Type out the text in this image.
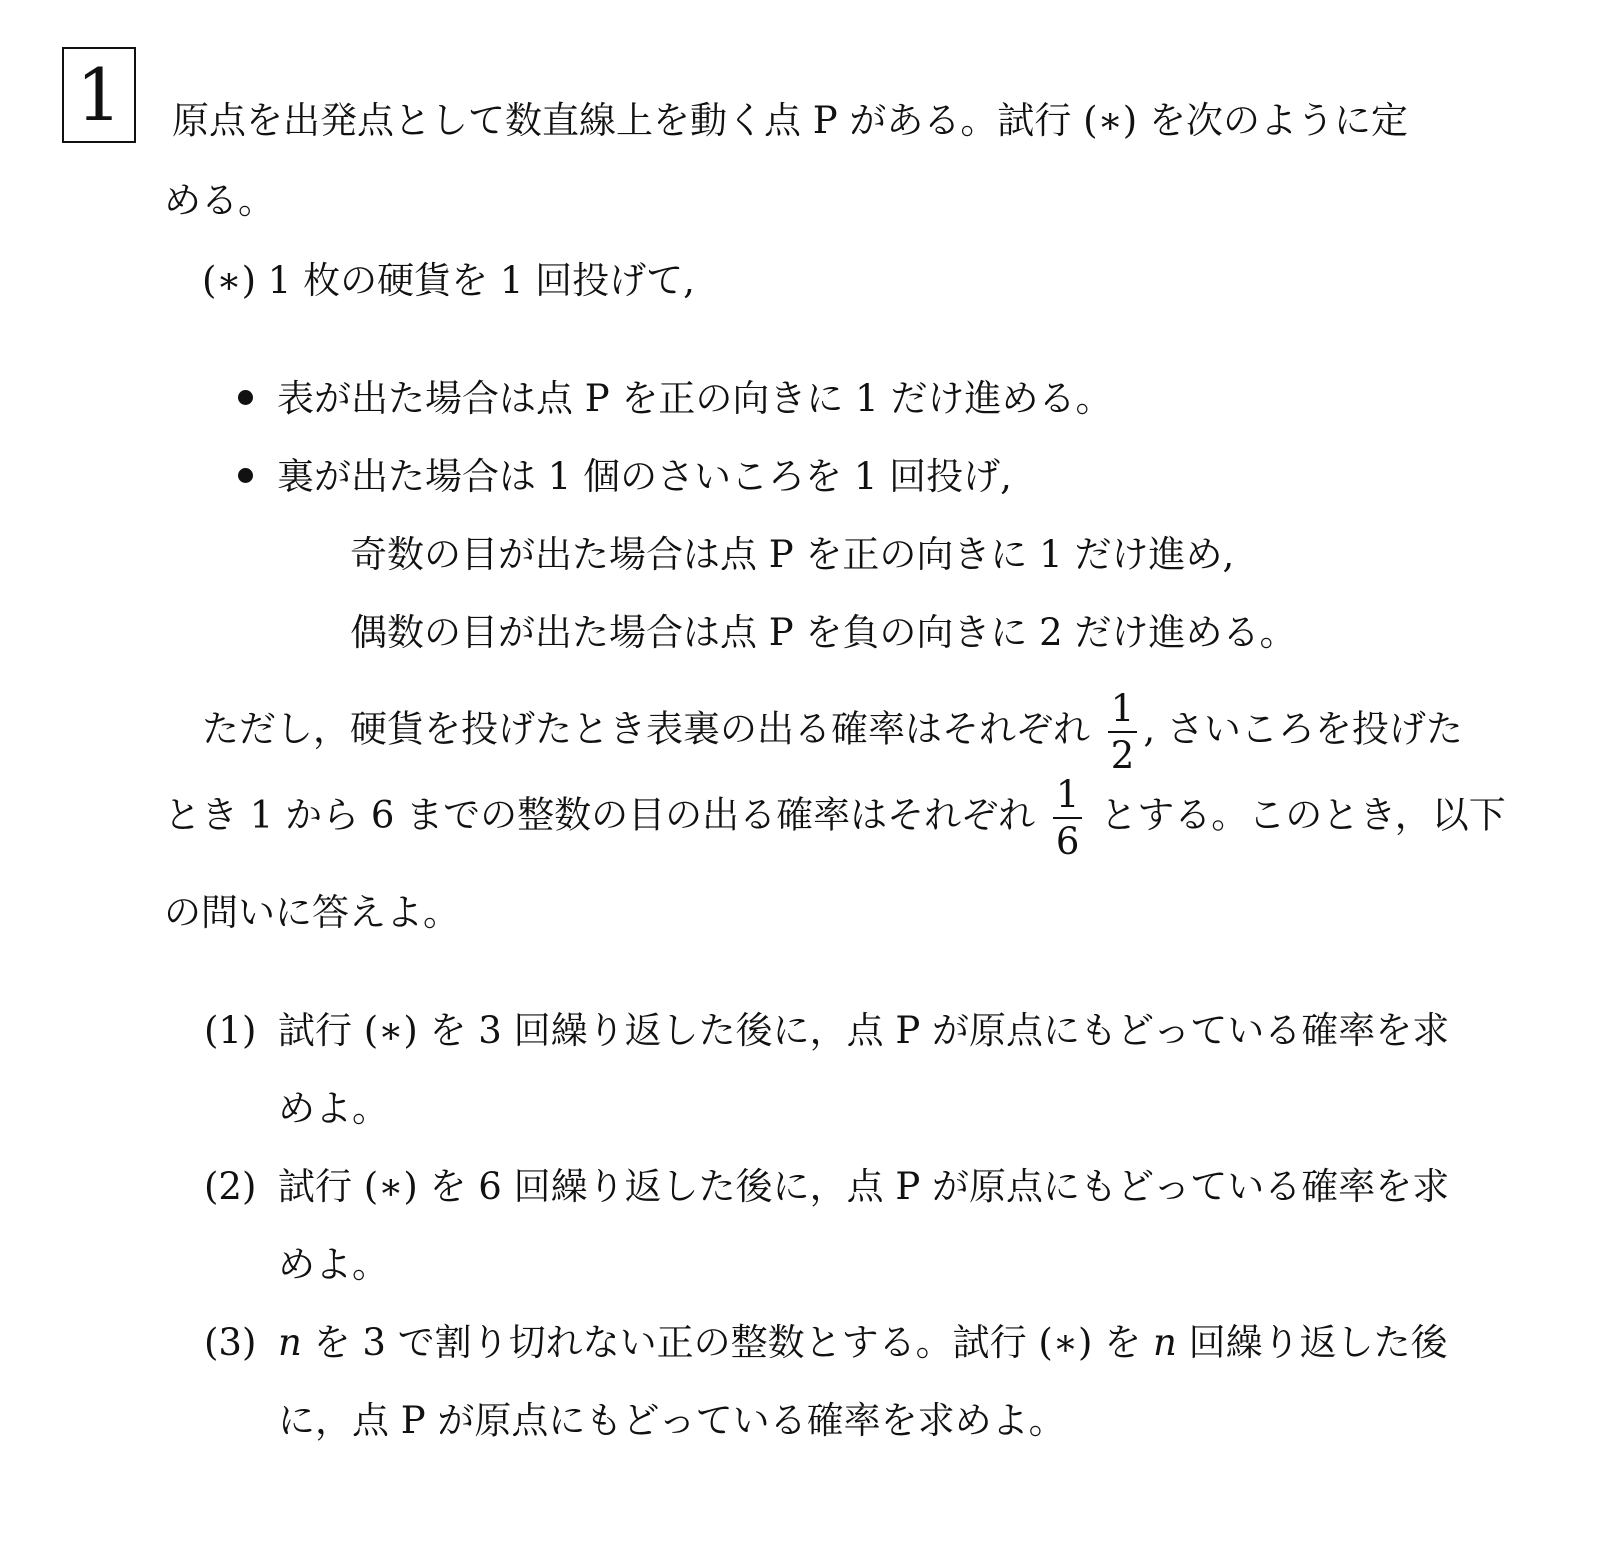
1 原点を出発点として数直線上を動く点 P がある。試行 (∗) を次のように定
める。
(∗) 1 枚の硬貨を 1 回投げて,
表が出た場合は点 P を正の向きに 1 だけ進める。
裏が出た場合は 1 個のさいころを 1 回投げ,
奇数の目が出た場合は点 P を正の向きに 1 だけ進め,
偶数の目が出た場合は点 P を負の向きに 2 だけ進める。
ただし，硬貨を投げたとき表裏の出る確率はそれぞれ $\frac{1}{2}$ , さいころを投げた
とき 1 から 6 までの整数の目の出る確率はそれぞれ $\frac{1}{6}$ とする。このとき，以下
の問いに答えよ。
(1) 試行 (∗) を 3 回繰り返した後に，点 P が原点にもどっている確率を求
めよ。
(2) 試行 (∗) を 6 回繰り返した後に，点 P が原点にもどっている確率を求
めよ。
(3) n を 3 で割り切れない正の整数とする。試行 (∗) を n 回繰り返した後
に，点 P が原点にもどっている確率を求めよ。
